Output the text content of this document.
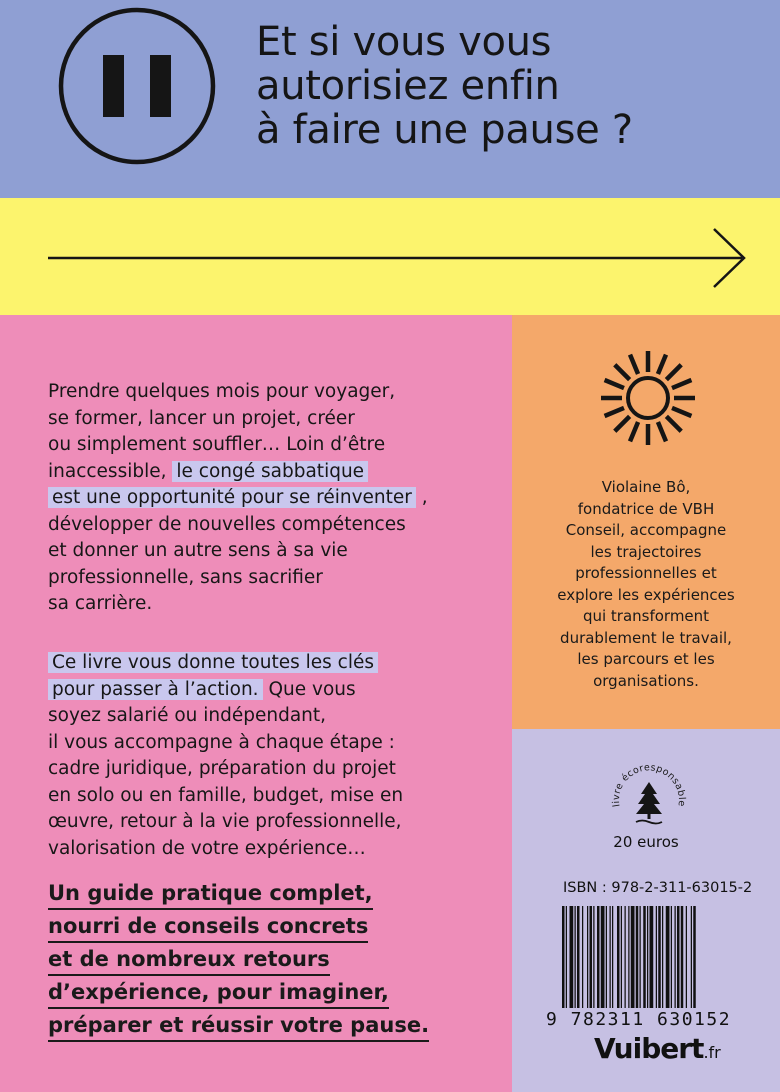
Et si vous vous
autorisiez enfin
à faire une pause ?
Prendre quelques mois pour voyager,
se former, lancer un projet, créer
ou simplement souffler… Loin d’être
inaccessible, le congé sabbatique
est une opportunité pour se réinventer ,
développer de nouvelles compétences
et donner un autre sens à sa vie
professionnelle, sans sacrifier
sa carrière.
Ce livre vous donne toutes les clés
pour passer à l’action. Que vous
soyez salarié ou indépendant,
il vous accompagne à chaque étape :
cadre juridique, préparation du projet
en solo ou en famille, budget, mise en
œuvre, retour à la vie professionnelle,
valorisation de votre expérience…
Un guide pratique complet,
nourri de conseils concrets
et de nombreux retours
d’expérience, pour imaginer,
préparer et réussir votre pause.
Violaine Bô,
fondatrice de VBH
Conseil, accompagne
les trajectoires
professionnelles et
explore les expériences
qui transforment
durablement le travail,
les parcours et les
organisations.
livre écoresponsable
20 euros
ISBN : 978-2-311-63015-2
9 782311 630152
Vuibert.fr
